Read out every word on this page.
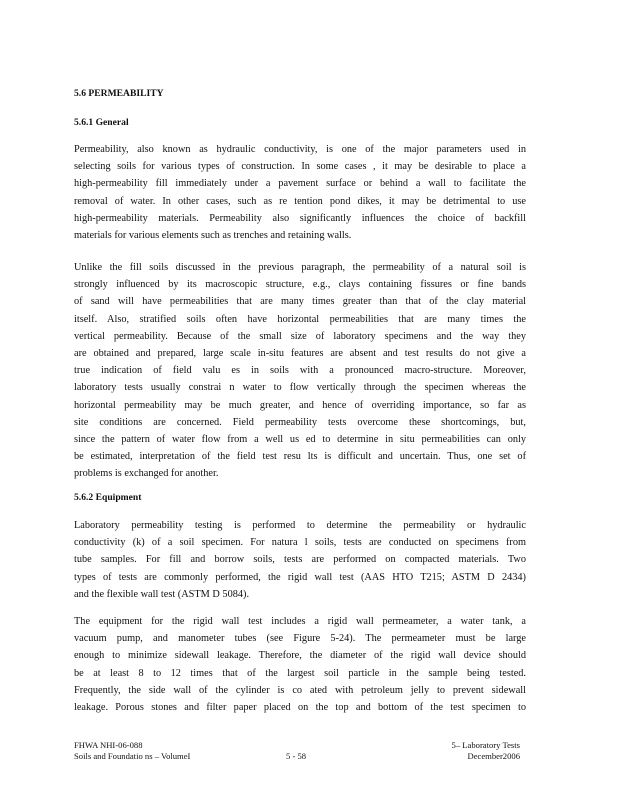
5.6 PERMEABILITY
5.6.1 General
Permeability, also known as hydraulic conductivity, is one of the major parameters used in
selecting soils for various types of construction. In some cases , it may be desirable to place a
high-permeability fill immediately under a pavement surface or behind a wall to facilitate the
removal of water. In other cases, such as re tention pond dikes, it may be detrimental to use
high-permeability materials. Permeability also significantly influences the choice of backfill
materials for various elements such as trenches and retaining walls.
Unlike the fill soils discussed in the previous paragraph, the permeability of a natural soil is
strongly influenced by its macroscopic structure, e.g., clays containing fissures or fine bands
of sand will have permeabilities that are many times greater than that of the clay material
itself. Also, stratified soils often have horizontal permeabilities that are many times the
vertical permeability. Because of the small size of laboratory specimens and the way they
are obtained and prepared, large scale in-situ features are absent and test results do not give a
true indication of field valu es in soils with a pronounced macro-structure. Moreover,
laboratory tests usually constrai n water to flow vertically through the specimen whereas the
horizontal permeability may be much greater, and hence of overriding importance, so far as
site conditions are concerned. Field permeability tests overcome these shortcomings, but,
since the pattern of water flow from a well us ed to determine in situ permeabilities can only
be estimated, interpretation of the field test resu lts is difficult and uncertain. Thus, one set of
problems is exchanged for another.
5.6.2 Equipment
Laboratory permeability testing is performed to determine the permeability or hydraulic
conductivity (k) of a soil specimen. For natura l soils, tests are conducted on specimens from
tube samples. For fill and borrow soils, tests are performed on compacted materials. Two
types of tests are commonly performed, the rigid wall test (AAS HTO T215; ASTM D 2434)
and the flexible wall test (ASTM D 5084).
The equipment for the rigid wall test includes a rigid wall permeameter, a water tank, a
vacuum pump, and manometer tubes (see Figure 5-24). The permeameter must be large
enough to minimize sidewall leakage. Therefore, the diameter of the rigid wall device should
be at least 8 to 12 times that of the largest soil particle in the sample being tested.
Frequently, the side wall of the cylinder is co ated with petroleum jelly to prevent sidewall
leakage. Porous stones and filter paper placed on the top and bottom of the test specimen to
FHWA NHI-06-088
Soils and Foundatio ns – VolumeI	5 - 58
5– Laboratory Tests
December2006
